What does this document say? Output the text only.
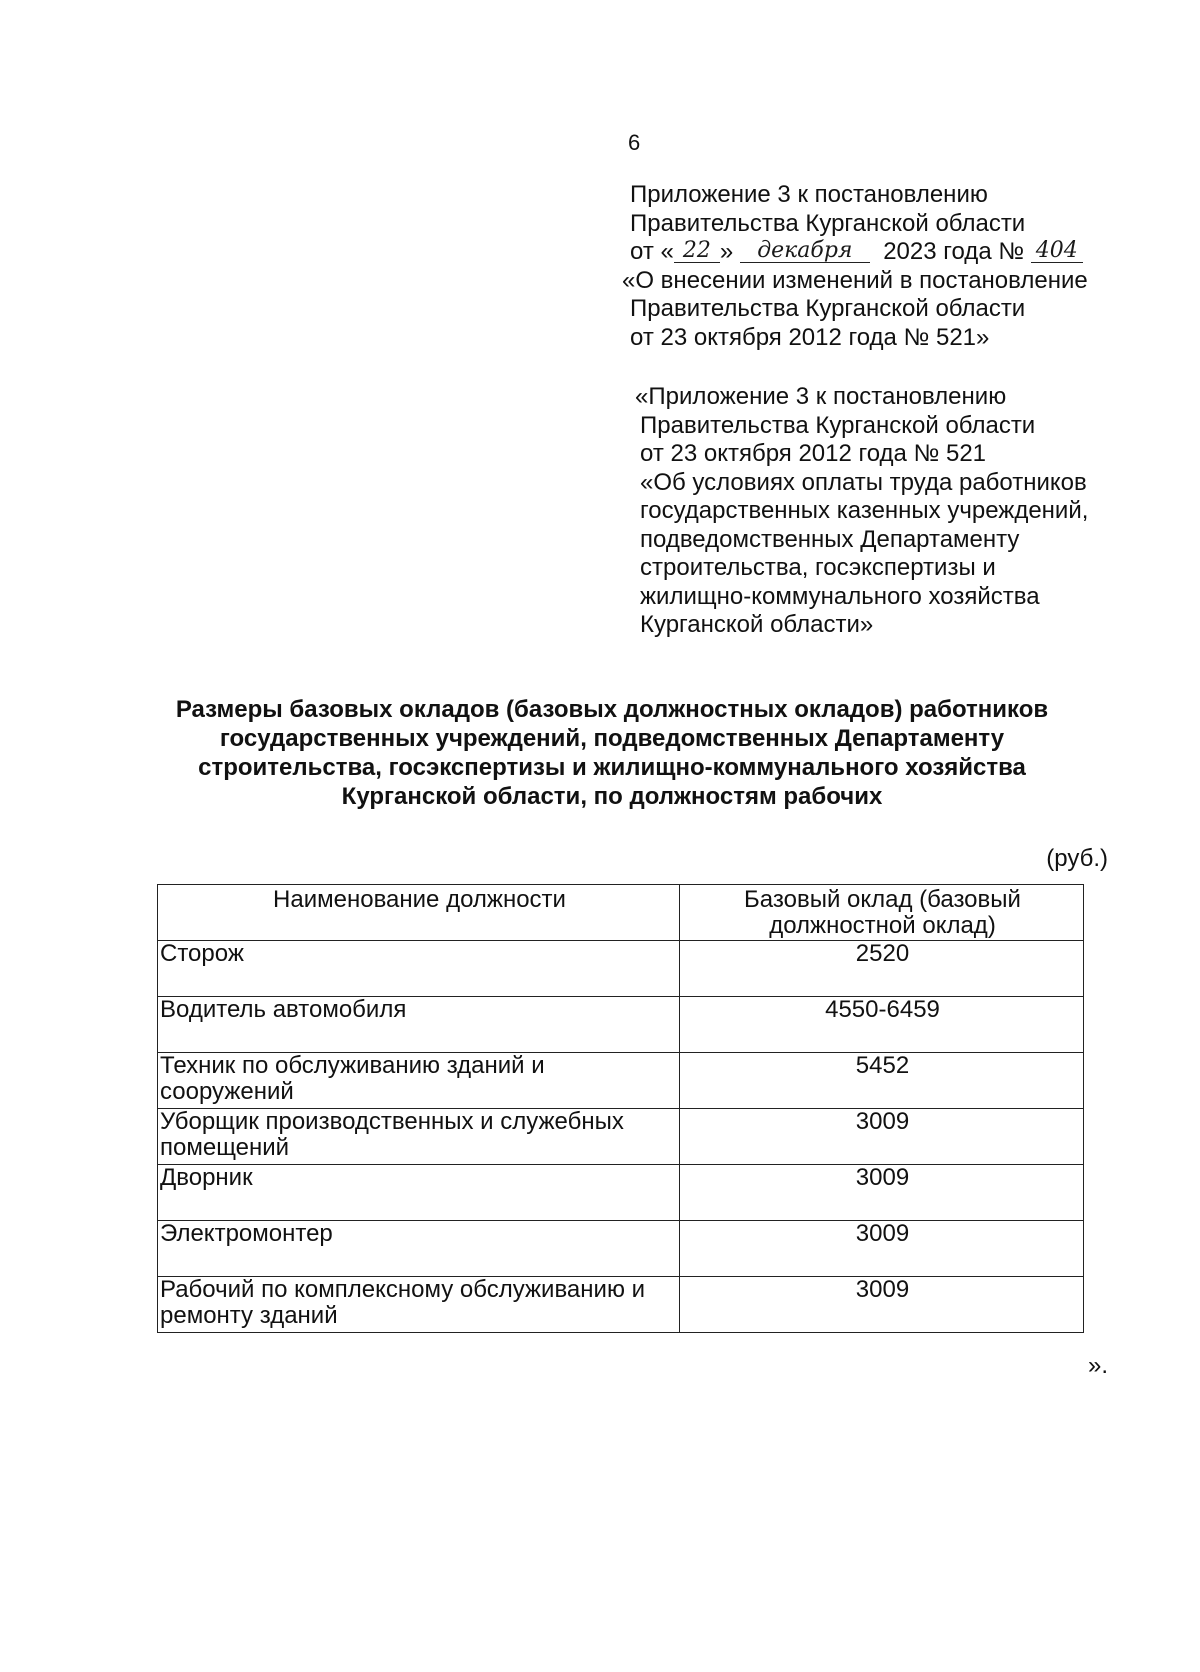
6
Приложение 3 к постановлению
Правительства Курганской области
от « 22 » декабря 2023 года № 404
«О внесении изменений в постановление
Правительства Курганской области
от 23 октября 2012 года № 521»
«Приложение 3 к постановлению
Правительства Курганской области
от 23 октября 2012 года № 521
«Об условиях оплаты труда работников
государственных казенных учреждений,
подведомственных Департаменту
строительства, госэкспертизы и
жилищно-коммунального хозяйства
Курганской области»
Размеры базовых окладов (базовых должностных окладов) работников
государственных учреждений, подведомственных Департаменту
строительства, госэкспертизы и жилищно-коммунального хозяйства
Курганской области, по должностям рабочих
(руб.)
Наименование должности	Базовый оклад (базовый должностной оклад)
Сторож	2520
Водитель автомобиля	4550-6459
Техник по обслуживанию зданий и сооружений	5452
Уборщик производственных и служебных помещений	3009
Дворник	3009
Электромонтер	3009
Рабочий по комплексному обслуживанию и ремонту зданий	3009
».
